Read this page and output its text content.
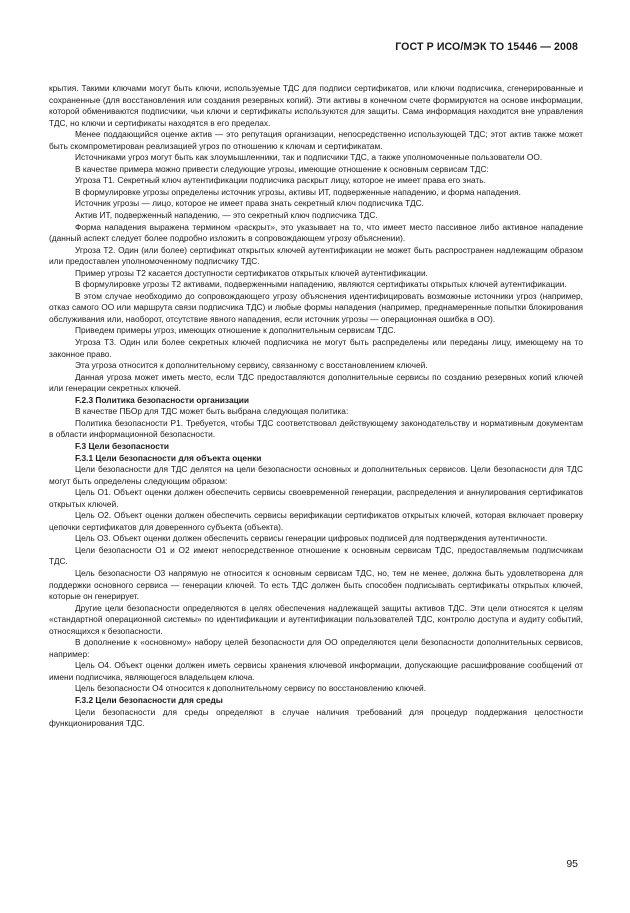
ГОСТ Р ИСО/МЭК ТО 15446 — 2008

крытия. Такими ключами могут быть ключи, используемые ТДС для подписи сертификатов, или ключи подписчика, сгенерированные и сохраненные (для восстановления или создания резервных копий). Эти активы в конечном счете формируются на основе информации, которой обмениваются подписчики, чьи ключи и сертификаты используются для защиты. Сама информация находится вне управления ТДС, но ключи и сертификаты находятся в его пределах.

Менее поддающийся оценке актив — это репутация организации, непосредственно использующей ТДС; этот актив также может быть скомпрометирован реализацией угроз по отношению к ключам и сертификатам.

Источниками угроз могут быть как злоумышленники, так и подписчики ТДС, а также уполномоченные пользователи ОО.

В качестве примера можно привести следующие угрозы, имеющие отношение к основным сервисам ТДС:

Угроза Т1. Секретный ключ аутентификации подписчика раскрыт лицу, которое не имеет права его знать.

В формулировке угрозы определены источник угрозы, активы ИТ, подверженные нападению, и форма нападения.

Источник угрозы — лицо, которое не имеет права знать секретный ключ подписчика ТДС.

Актив ИТ, подверженный нападению, — это секретный ключ подписчика ТДС.

Форма нападения выражена термином «раскрыт», это указывает на то, что имеет место пассивное либо активное нападение (данный аспект следует более подробно изложить в сопровождающем угрозу объяснении).

Угроза Т2. Один (или более) сертификат открытых ключей аутентификации не может быть распространен надлежащим образом или предоставлен уполномоченному подписчику ТДС.

Пример угрозы Т2 касается доступности сертификатов открытых ключей аутентификации.

В формулировке угрозы Т2 активами, подверженными нападению, являются сертификаты открытых ключей аутентификации.

В этом случае необходимо до сопровождающего угрозу объяснения идентифицировать возможные источники угроз (например, отказ самого ОО или маршрута связи подписчика ТДС) и любые формы нападения (например, преднамеренные попытки блокирования обслуживания или, наоборот, отсутствие явного нападения, если источник угрозы — операционная ошибка в ОО).

Приведем примеры угроз, имеющих отношение к дополнительным сервисам ТДС.

Угроза Т3. Один или более секретных ключей подписчика не могут быть распределены или переданы лицу, имеющему на то законное право.

Эта угроза относится к дополнительному сервису, связанному с восстановлением ключей.

Данная угроза может иметь место, если ТДС предоставляются дополнительные сервисы по созданию резервных копий ключей или генерации секретных ключей.

F.2.3 Политика безопасности организации

В качестве ПБОр для ТДС может быть выбрана следующая политика:

Политика безопасности Р1. Требуется, чтобы ТДС соответствовал действующему законодательству и нормативным документам в области информационной безопасности.

F.3 Цели безопасности
F.3.1 Цели безопасности для объекта оценки

Цели безопасности для ТДС делятся на цели безопасности основных и дополнительных сервисов. Цели безопасности для ТДС могут быть определены следующим образом:

Цель О1. Объект оценки должен обеспечить сервисы своевременной генерации, распределения и аннулирования сертификатов открытых ключей.

Цель О2. Объект оценки должен обеспечить сервисы верификации сертификатов открытых ключей, которая включает проверку цепочки сертификатов для доверенного субъекта (объекта).

Цель О3. Объект оценки должен обеспечить сервисы генерации цифровых подписей для подтверждения аутентичности.

Цели безопасности О1 и О2 имеют непосредственное отношение к основным сервисам ТДС, предоставляемым подписчикам ТДС.

Цель безопасности О3 напрямую не относится к основным сервисам ТДС, но, тем не менее, должна быть удовлетворена для поддержки основного сервиса — генерации ключей. То есть ТДС должен быть способен подписывать сертификаты открытых ключей, которые он генерирует.

Другие цели безопасности определяются в целях обеспечения надлежащей защиты активов ТДС. Эти цели относятся к целям «стандартной операционной системы» по идентификации и аутентификации пользователей ТДС, контролю доступа и аудиту событий, относящихся к безопасности.

В дополнение к «основному» набору целей безопасности для ОО определяются цели безопасности дополнительных сервисов, например:

Цель О4. Объект оценки должен иметь сервисы хранения ключевой информации, допускающие расшифрование сообщений от имени подписчика, являющегося владельцем ключа.

Цель безопасности О4 относится к дополнительному сервису по восстановлению ключей.

F.3.2 Цели безопасности для среды

Цели безопасности для среды определяют в случае наличия требований для процедур поддержания целостности функционирования ТДС.

95
